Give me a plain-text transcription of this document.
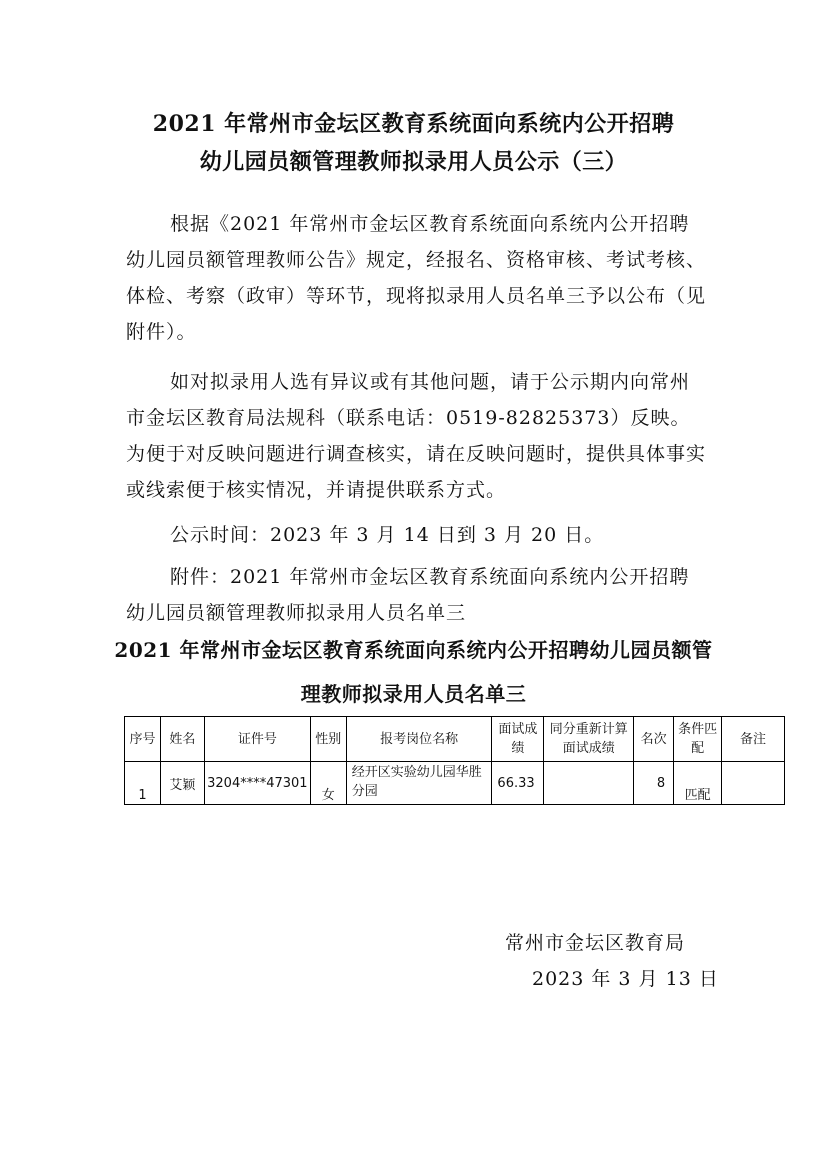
2021 年常州市金坛区教育系统面向系统内公开招聘
幼儿园员额管理教师拟录用人员公示（三）
根据《2021 年常州市金坛区教育系统面向系统内公开招聘幼儿园员额管理教师公告》规定，经报名、资格审核、考试考核、体检、考察（政审）等环节，现将拟录用人员名单三予以公布（见附件）。
如对拟录用人选有异议或有其他问题，请于公示期内向常州市金坛区教育局法规科（联系电话：0519-82825373）反映。为便于对反映问题进行调查核实，请在反映问题时，提供具体事实或线索便于核实情况，并请提供联系方式。
公示时间：2023 年 3 月 14 日到 3 月 20 日。
附件：2021 年常州市金坛区教育系统面向系统内公开招聘幼儿园员额管理教师拟录用人员名单三
2021 年常州市金坛区教育系统面向系统内公开招聘幼儿园员额管
理教师拟录用人员名单三
序号	姓名	证件号	性别	报考岗位名称	面试成绩	同分重新计算面试成绩	名次	条件匹配	备注
1	艾颖	3204****47301	女	经开区实验幼儿园华胜分园	66.33		8	匹配	
常州市金坛区教育局
2023 年 3 月 13 日
